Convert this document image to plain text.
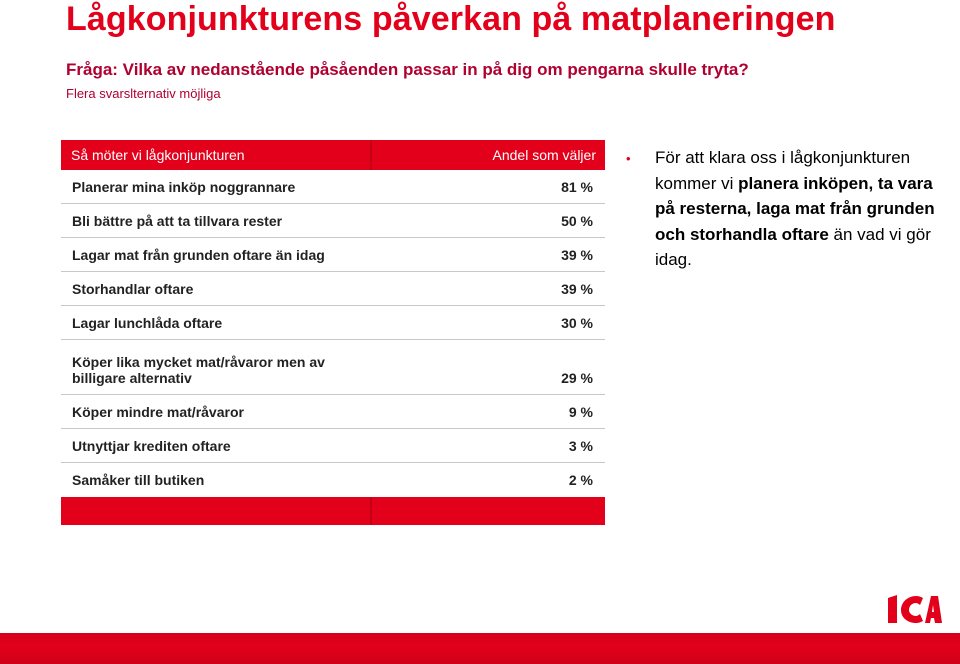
Lågkonjunkturens påverkan på matplaneringen
Fråga: Vilka av nedanstående påsåenden passar in på dig om pengarna skulle tryta?
Flera svarslternativ möjliga
Så möter vi lågkonjunkturen	Andel som väljer
Planerar mina inköp noggrannare	81 %
Bli bättre på att ta tillvara rester	50 %
Lagar mat från grunden oftare än idag	39 %
Storhandlar oftare	39 %
Lagar lunchlåda oftare	30 %
Köper lika mycket mat/råvaror men av
billigare alternativ	29 %
Köper mindre mat/råvaror	9 %
Utnyttjar krediten oftare	3 %
Samåker till butiken	2 %
• För att klara oss i lågkonjunkturen kommer vi planera inköpen, ta vara på resterna, laga mat från grunden och storhandla oftare än vad vi gör idag.
ICA
